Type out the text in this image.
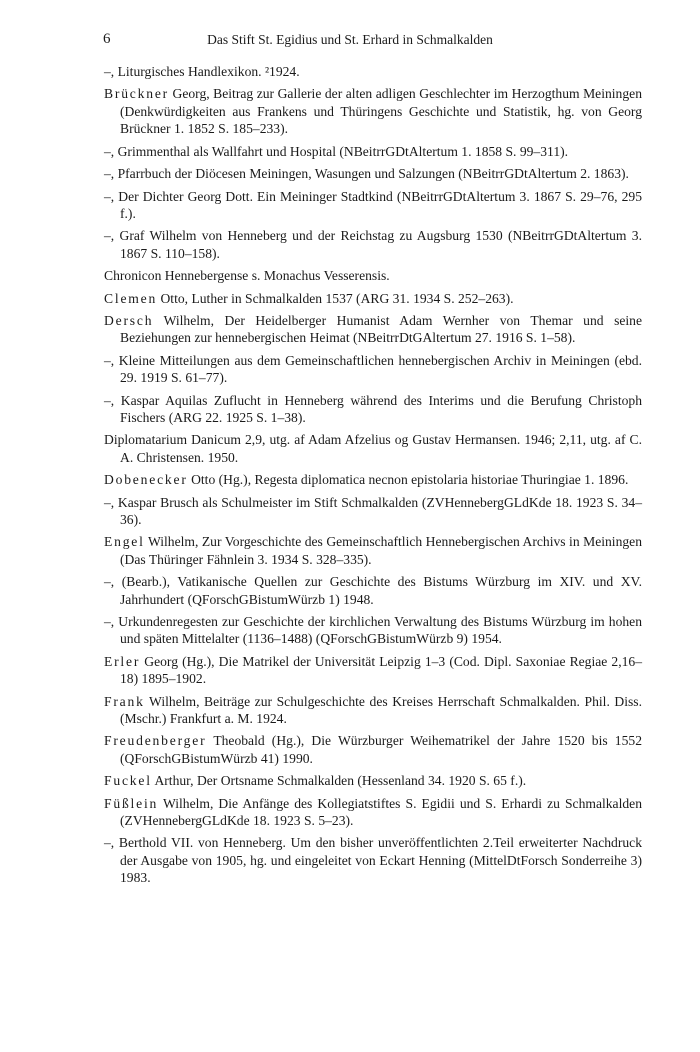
6	Das Stift St. Egidius und St. Erhard in Schmalkalden

–, Liturgisches Handlexikon. ²1924.

Brückner Georg, Beitrag zur Gallerie der alten adligen Geschlechter im Herzogthum Meiningen (Denkwürdigkeiten aus Frankens und Thüringens Geschichte und Statistik, hg. von Georg Brückner 1. 1852 S. 185–233).

–, Grimmenthal als Wallfahrt und Hospital (NBeitrrGDtAltertum 1. 1858 S. 99–311).

–, Pfarrbuch der Diöcesen Meiningen, Wasungen und Salzungen (NBeitrrGDtAltertum 2. 1863).

–, Der Dichter Georg Dott. Ein Meininger Stadtkind (NBeitrrGDtAltertum 3. 1867 S. 29–76, 295 f.).

–, Graf Wilhelm von Henneberg und der Reichstag zu Augsburg 1530 (NBeitrrGDtAltertum 3. 1867 S. 110–158).

Chronicon Hennebergense s. Monachus Vesserensis.

Clemen Otto, Luther in Schmalkalden 1537 (ARG 31. 1934 S. 252–263).

Dersch Wilhelm, Der Heidelberger Humanist Adam Wernher von Themar und seine Beziehungen zur hennebergischen Heimat (NBeitrrDtGAltertum 27. 1916 S. 1–58).

–, Kleine Mitteilungen aus dem Gemeinschaftlichen hennebergischen Archiv in Meiningen (ebd. 29. 1919 S. 61–77).

–, Kaspar Aquilas Zuflucht in Henneberg während des Interims und die Berufung Christoph Fischers (ARG 22. 1925 S. 1–38).

Diplomatarium Danicum 2,9, utg. af Adam Afzelius og Gustav Hermansen. 1946; 2,11, utg. af C. A. Christensen. 1950.

Dobenecker Otto (Hg.), Regesta diplomatica necnon epistolaria historiae Thuringiae 1. 1896.

–, Kaspar Brusch als Schulmeister im Stift Schmalkalden (ZVHennebergGLdKde 18. 1923 S. 34–36).

Engel Wilhelm, Zur Vorgeschichte des Gemeinschaftlich Hennebergischen Archivs in Meiningen (Das Thüringer Fähnlein 3. 1934 S. 328–335).

–, (Bearb.), Vatikanische Quellen zur Geschichte des Bistums Würzburg im XIV. und XV. Jahrhundert (QForschGBistumWürzb 1) 1948.

–, Urkundenregesten zur Geschichte der kirchlichen Verwaltung des Bistums Würzburg im hohen und späten Mittelalter (1136–1488) (QForschGBistumWürzb 9) 1954.

Erler Georg (Hg.), Die Matrikel der Universität Leipzig 1–3 (Cod. Dipl. Saxoniae Regiae 2,16–18) 1895–1902.

Frank Wilhelm, Beiträge zur Schulgeschichte des Kreises Herrschaft Schmalkalden. Phil. Diss. (Mschr.) Frankfurt a. M. 1924.

Freudenberger Theobald (Hg.), Die Würzburger Weihematrikel der Jahre 1520 bis 1552 (QForschGBistumWürzb 41) 1990.

Fuckel Arthur, Der Ortsname Schmalkalden (Hessenland 34. 1920 S. 65 f.).

Füßlein Wilhelm, Die Anfänge des Kollegiatstiftes S. Egidii und S. Erhardi zu Schmalkalden (ZVHennebergGLdKde 18. 1923 S. 5–23).

–, Berthold VII. von Henneberg. Um den bisher unveröffentlichten 2.Teil erweiterter Nachdruck der Ausgabe von 1905, hg. und eingeleitet von Eckart Henning (MittelDtForsch Sonderreihe 3) 1983.
